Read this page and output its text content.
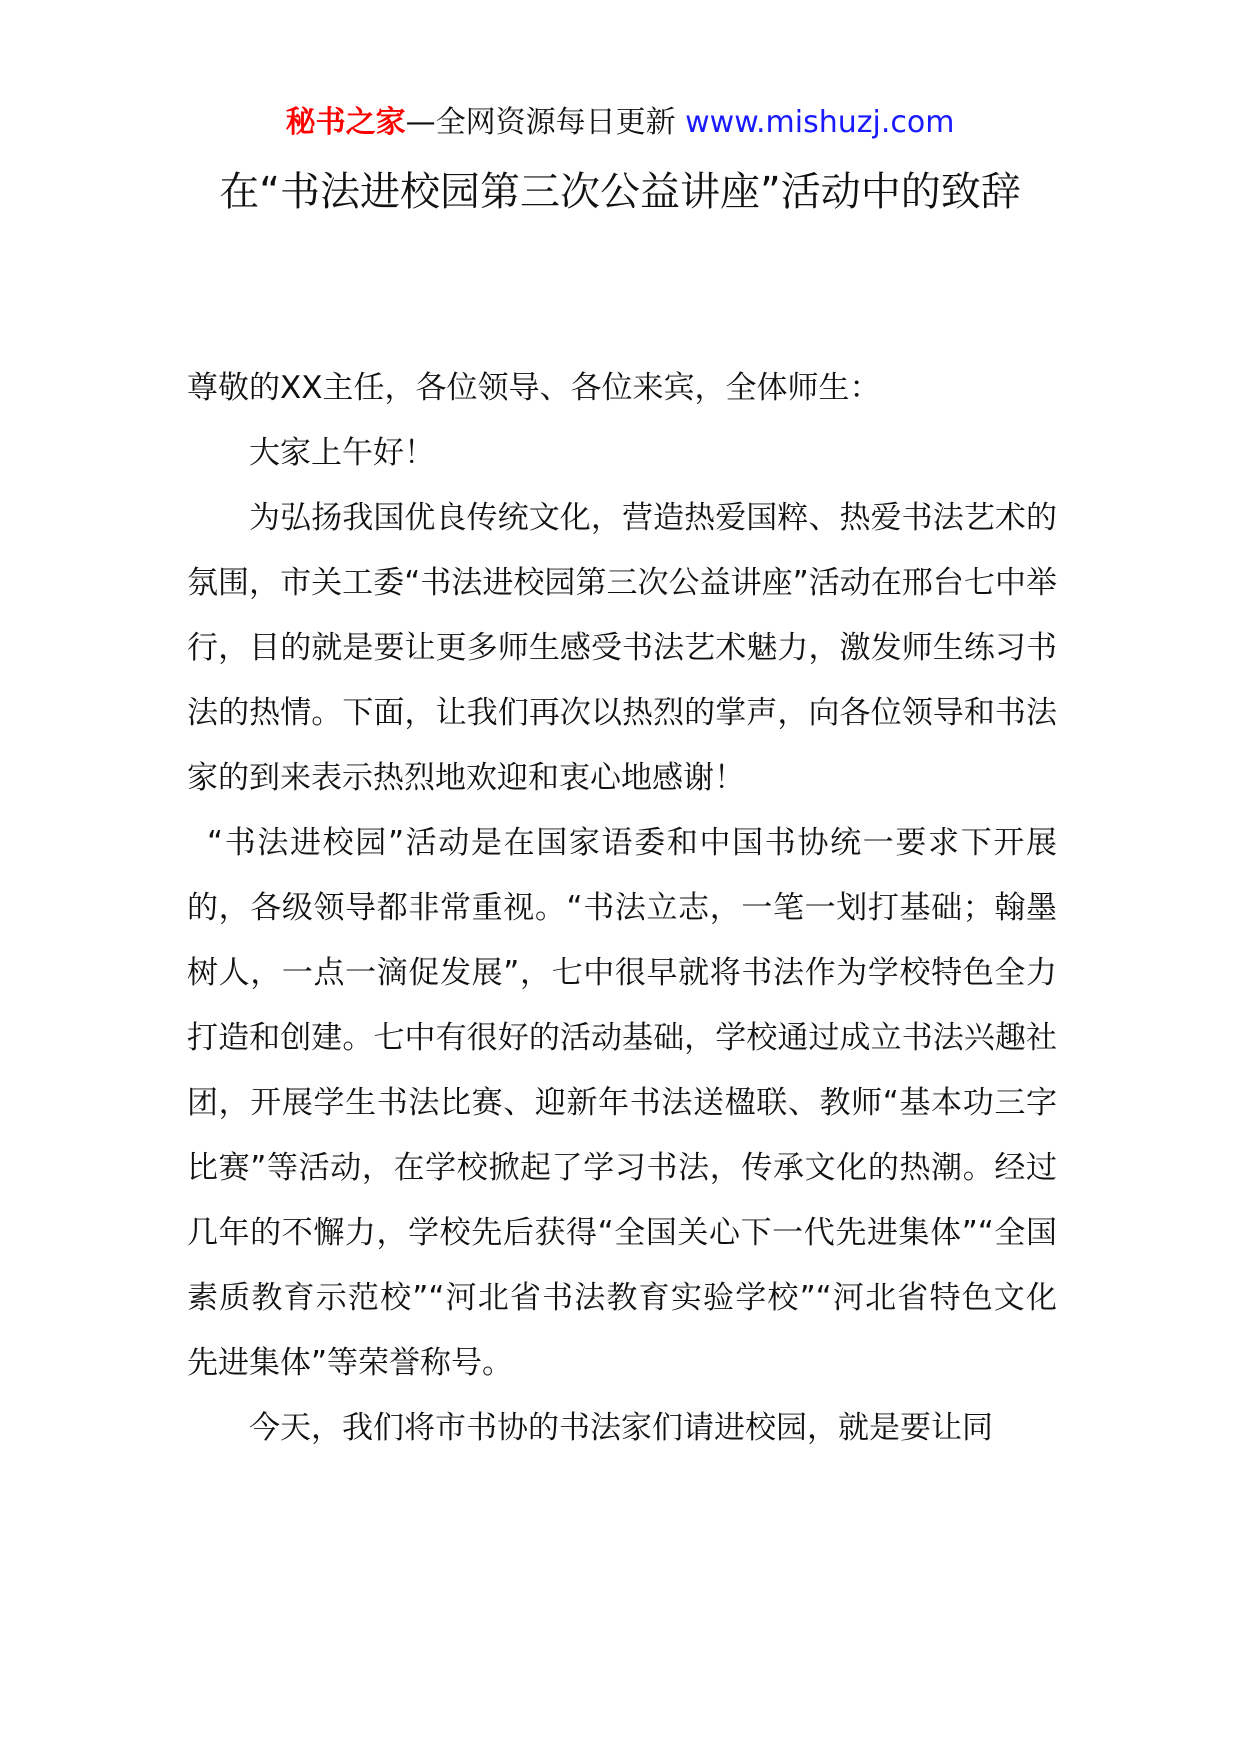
秘书之家—全网资源每日更新 www.mishuzj.com
在“书法进校园第三次公益讲座”活动中的致辞

尊敬的XX主任，各位领导、各位来宾，全体师生：

大家上午好！

为弘扬我国优良传统文化，营造热爱国粹、热爱书法艺术的氛围，市关工委“书法进校园第三次公益讲座”活动在邢台七中举行，目的就是要让更多师生感受书法艺术魅力，激发师生练习书法的热情。下面，让我们再次以热烈的掌声，向各位领导和书法家的到来表示热烈地欢迎和衷心地感谢！

“书法进校园”活动是在国家语委和中国书协统一要求下开展的，各级领导都非常重视。“书法立志，一笔一划打基础；翰墨树人，一点一滴促发展”，七中很早就将书法作为学校特色全力打造和创建。七中有很好的活动基础，学校通过成立书法兴趣社团，开展学生书法比赛、迎新年书法送楹联、教师“基本功三字比赛”等活动，在学校掀起了学习书法，传承文化的热潮。经过几年的不懈力，学校先后获得“全国关心下一代先进集体”“全国素质教育示范校”“河北省书法教育实验学校”“河北省特色文化先进集体”等荣誉称号。

今天，我们将市书协的书法家们请进校园，就是要让同
